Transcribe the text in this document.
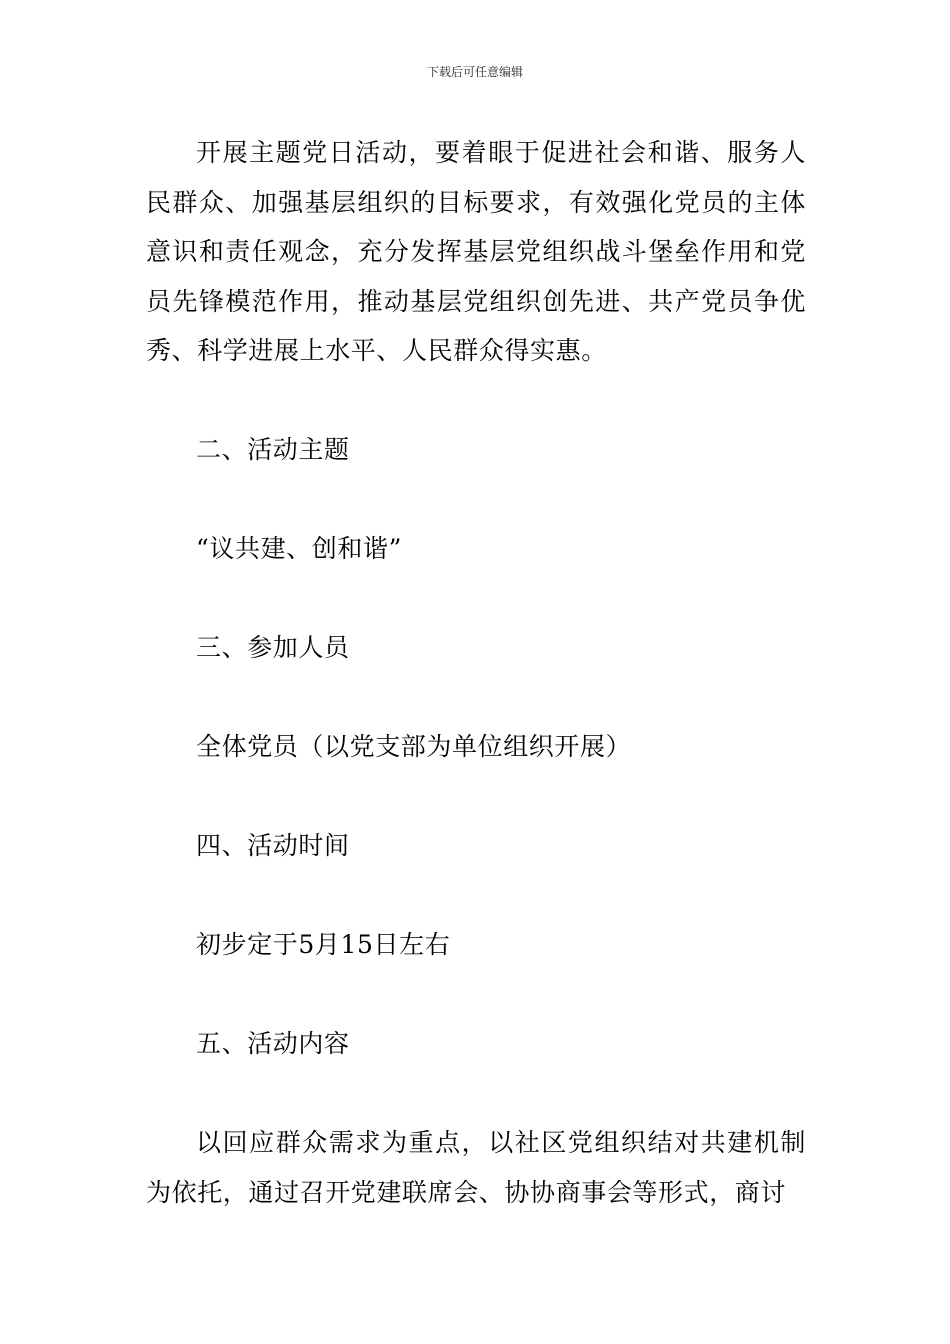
下载后可任意编辑

开展主题党日活动，要着眼于促进社会和谐、服务人民群众、加强基层组织的目标要求，有效强化党员的主体意识和责任观念，充分发挥基层党组织战斗堡垒作用和党员先锋模范作用，推动基层党组织创先进、共产党员争优秀、科学进展上水平、人民群众得实惠。

二、活动主题

“议共建、创和谐”

三、参加人员

全体党员（以党支部为单位组织开展）

四、活动时间

初步定于5月15日左右

五、活动内容

以回应群众需求为重点，以社区党组织结对共建机制为依托，通过召开党建联席会、协协商事会等形式，商讨
